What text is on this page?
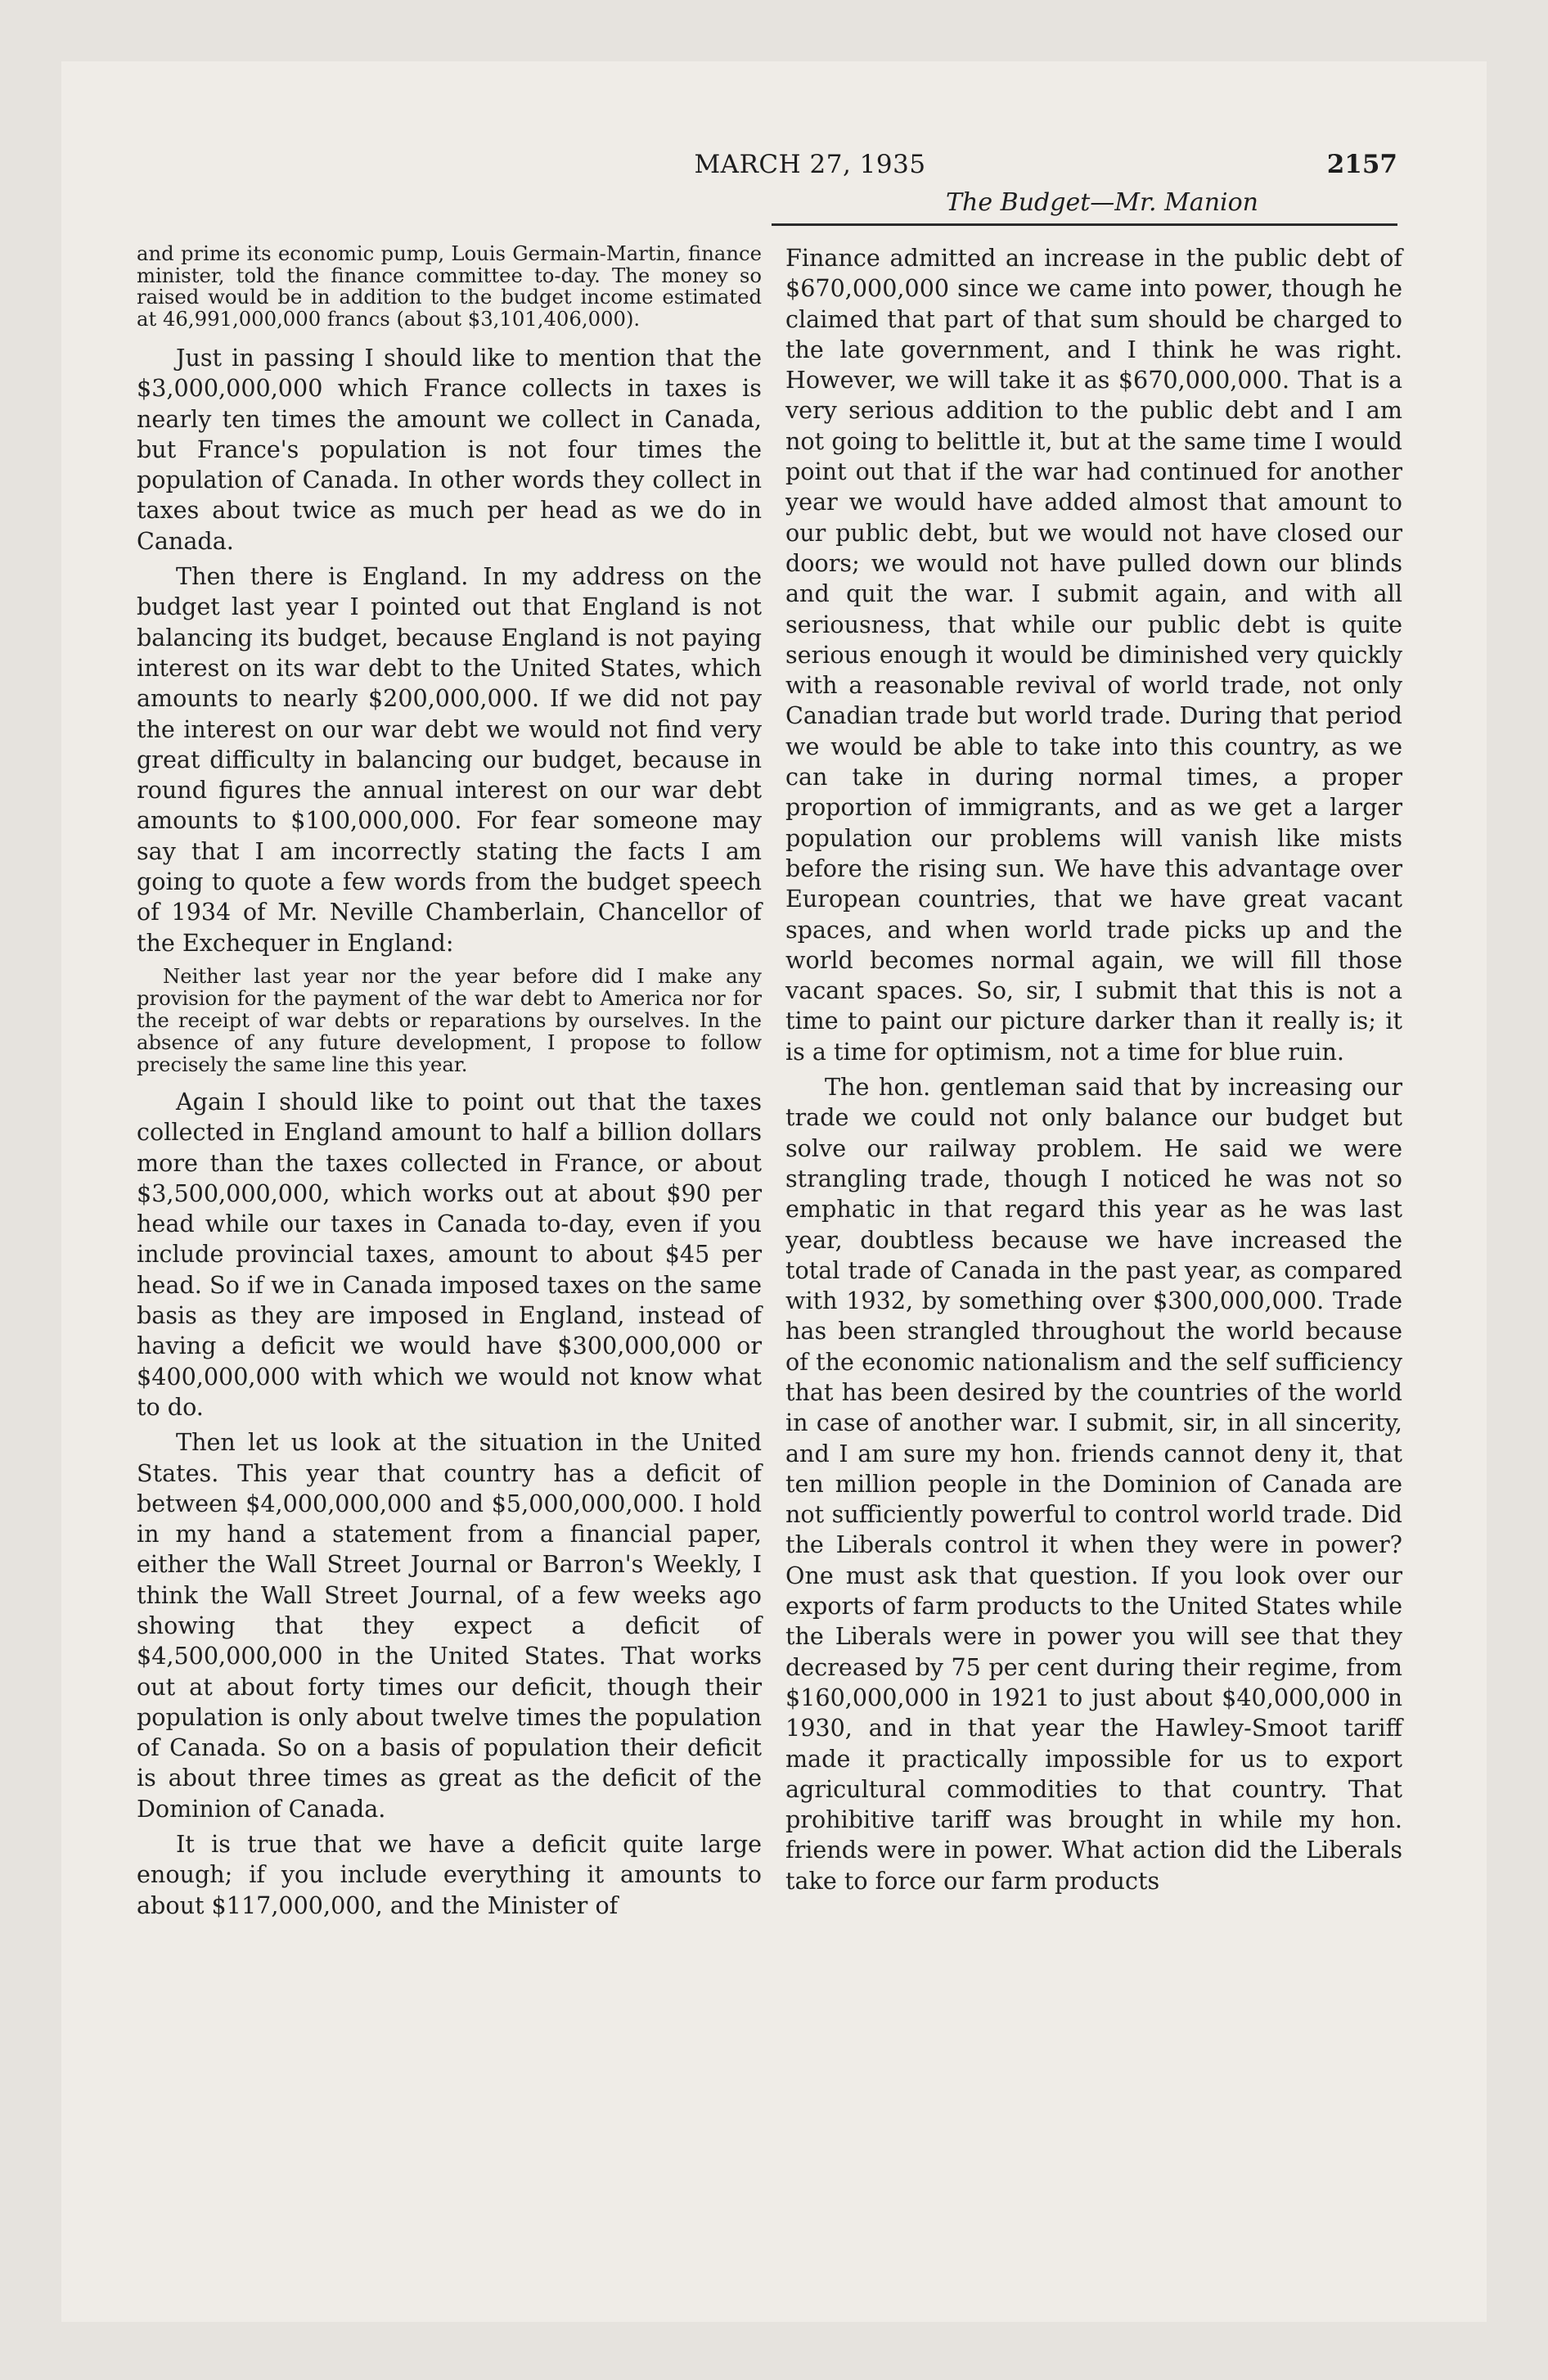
MARCH 27, 1935	2157
The Budget—Mr. Manion

and prime its economic pump, Louis Germain-Martin, finance minister, told the finance committee to-day. The money so raised would be in addition to the budget income estimated at 46,991,000,000 francs (about $3,101,406,000).

Just in passing I should like to mention that the $3,000,000,000 which France collects in taxes is nearly ten times the amount we collect in Canada, but France's population is not four times the population of Canada. In other words they collect in taxes about twice as much per head as we do in Canada.

Then there is England. In my address on the budget last year I pointed out that England is not balancing its budget, because England is not paying interest on its war debt to the United States, which amounts to nearly $200,000,000. If we did not pay the interest on our war debt we would not find very great difficulty in balancing our budget, because in round figures the annual interest on our war debt amounts to $100,000,000. For fear someone may say that I am incorrectly stating the facts I am going to quote a few words from the budget speech of 1934 of Mr. Neville Chamberlain, Chancellor of the Exchequer in England:

Neither last year nor the year before did I make any provision for the payment of the war debt to America nor for the receipt of war debts or reparations by ourselves. In the absence of any future development, I propose to follow precisely the same line this year.

Again I should like to point out that the taxes collected in England amount to half a billion dollars more than the taxes collected in France, or about $3,500,000,000, which works out at about $90 per head while our taxes in Canada to-day, even if you include provincial taxes, amount to about $45 per head. So if we in Canada imposed taxes on the same basis as they are imposed in England, instead of having a deficit we would have $300,000,000 or $400,000,000 with which we would not know what to do.

Then let us look at the situation in the United States. This year that country has a deficit of between $4,000,000,000 and $5,000,000,000. I hold in my hand a statement from a financial paper, either the Wall Street Journal or Barron's Weekly, I think the Wall Street Journal, of a few weeks ago showing that they expect a deficit of $4,500,000,000 in the United States. That works out at about forty times our deficit, though their population is only about twelve times the population of Canada. So on a basis of population their deficit is about three times as great as the deficit of the Dominion of Canada.

It is true that we have a deficit quite large enough; if you include everything it amounts to about $117,000,000, and the Minister of

Finance admitted an increase in the public debt of $670,000,000 since we came into power, though he claimed that part of that sum should be charged to the late government, and I think he was right. However, we will take it as $670,000,000. That is a very serious addition to the public debt and I am not going to belittle it, but at the same time I would point out that if the war had continued for another year we would have added almost that amount to our public debt, but we would not have closed our doors; we would not have pulled down our blinds and quit the war. I submit again, and with all seriousness, that while our public debt is quite serious enough it would be diminished very quickly with a reasonable revival of world trade, not only Canadian trade but world trade. During that period we would be able to take into this country, as we can take in during normal times, a proper proportion of immigrants, and as we get a larger population our problems will vanish like mists before the rising sun. We have this advantage over European countries, that we have great vacant spaces, and when world trade picks up and the world becomes normal again, we will fill those vacant spaces. So, sir, I submit that this is not a time to paint our picture darker than it really is; it is a time for optimism, not a time for blue ruin.

The hon. gentleman said that by increasing our trade we could not only balance our budget but solve our railway problem. He said we were strangling trade, though I noticed he was not so emphatic in that regard this year as he was last year, doubtless because we have increased the total trade of Canada in the past year, as compared with 1932, by something over $300,000,000. Trade has been strangled throughout the world because of the economic nationalism and the self sufficiency that has been desired by the countries of the world in case of another war. I submit, sir, in all sincerity, and I am sure my hon. friends cannot deny it, that ten million people in the Dominion of Canada are not sufficiently powerful to control world trade. Did the Liberals control it when they were in power? One must ask that question. If you look over our exports of farm products to the United States while the Liberals were in power you will see that they decreased by 75 per cent during their regime, from $160,000,000 in 1921 to just about $40,000,000 in 1930, and in that year the Hawley-Smoot tariff made it practically impossible for us to export agricultural commodities to that country. That prohibitive tariff was brought in while my hon. friends were in power. What action did the Liberals take to force our farm products
